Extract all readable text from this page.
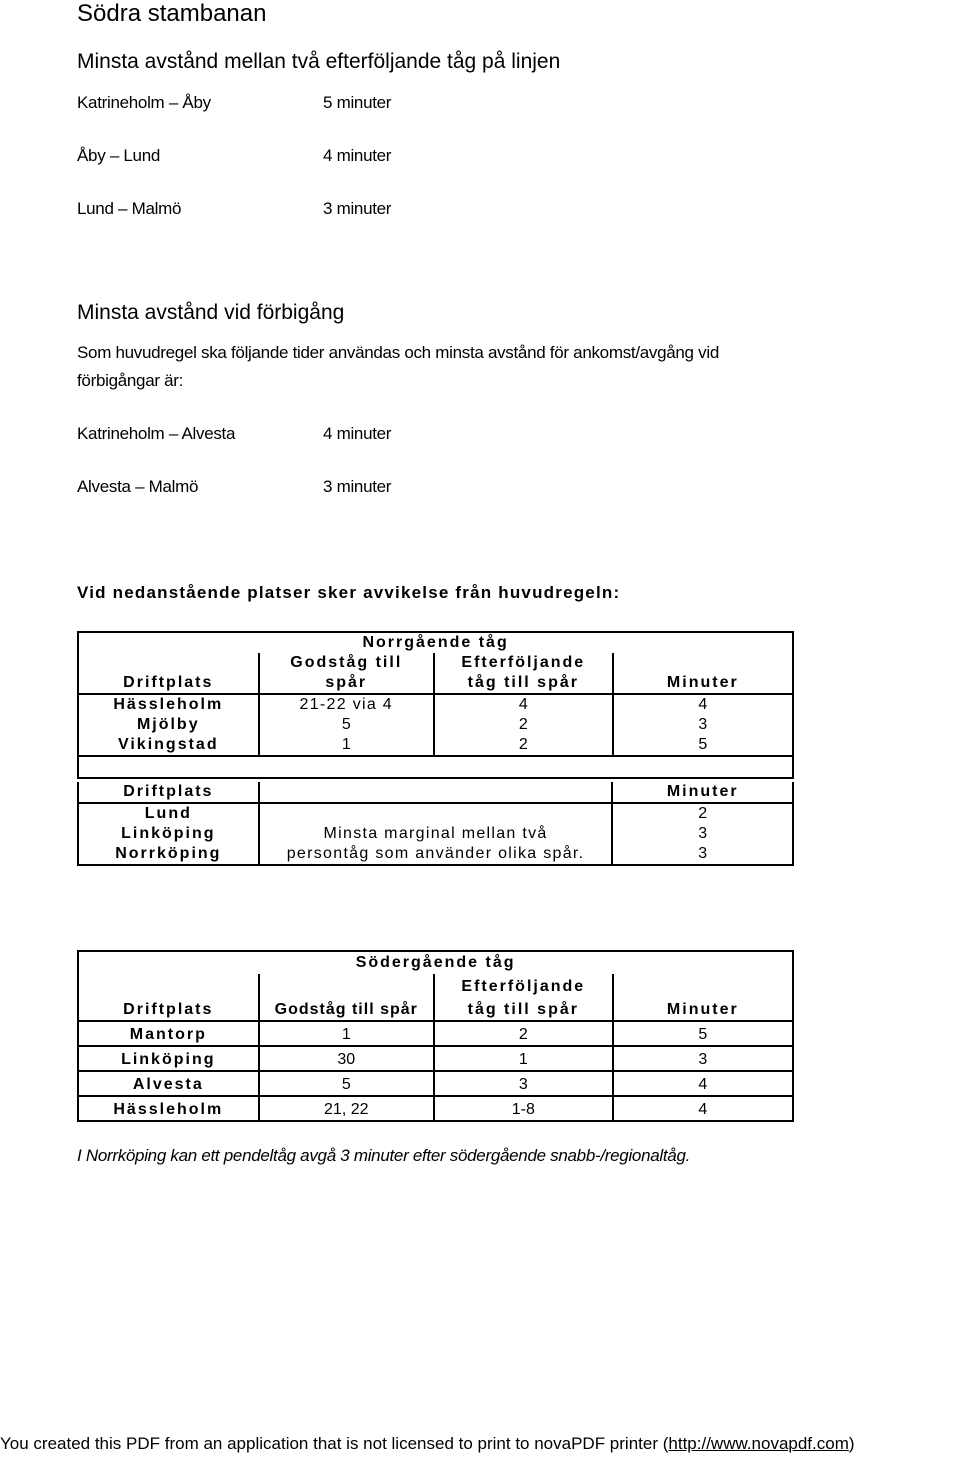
Södra stambanan
Minsta avstånd mellan två efterföljande tåg på linjen
Katrineholm – Åby	5 minuter
Åby – Lund	4 minuter
Lund – Malmö	3 minuter
Minsta avstånd vid förbigång
Som huvudregel ska följande tider användas och minsta avstånd för ankomst/avgång vid
förbigångar är:
Katrineholm – Alvesta	4 minuter
Alvesta – Malmö	3 minuter
Vid nedanstående platser sker avvikelse från huvudregeln:
	Norrgående tåg		
	Godståg till	Efterföljande	
Driftplats	spår	tåg till spår	Minuter
Hässleholm	21-22 via 4	4	4
Mjölby	5	2	3
Vikingstad	1	2	5

Driftplats		Minuter
Lund		2
Linköping	Minsta marginal mellan två	3
Norrköping	persontåg som använder olika spår.	3
	Södergående tåg		
		Efterföljande	
Driftplats	Godståg till spår	tåg till spår	Minuter
Mantorp	1	2	5
Linköping	30	1	3
Alvesta	5	3	4
Hässleholm	21, 22	1-8	4
I Norrköping kan ett pendeltåg avgå 3 minuter efter södergående snabb-/regionaltåg.
You created this PDF from an application that is not licensed to print to novaPDF printer (http://www.novapdf.com)
